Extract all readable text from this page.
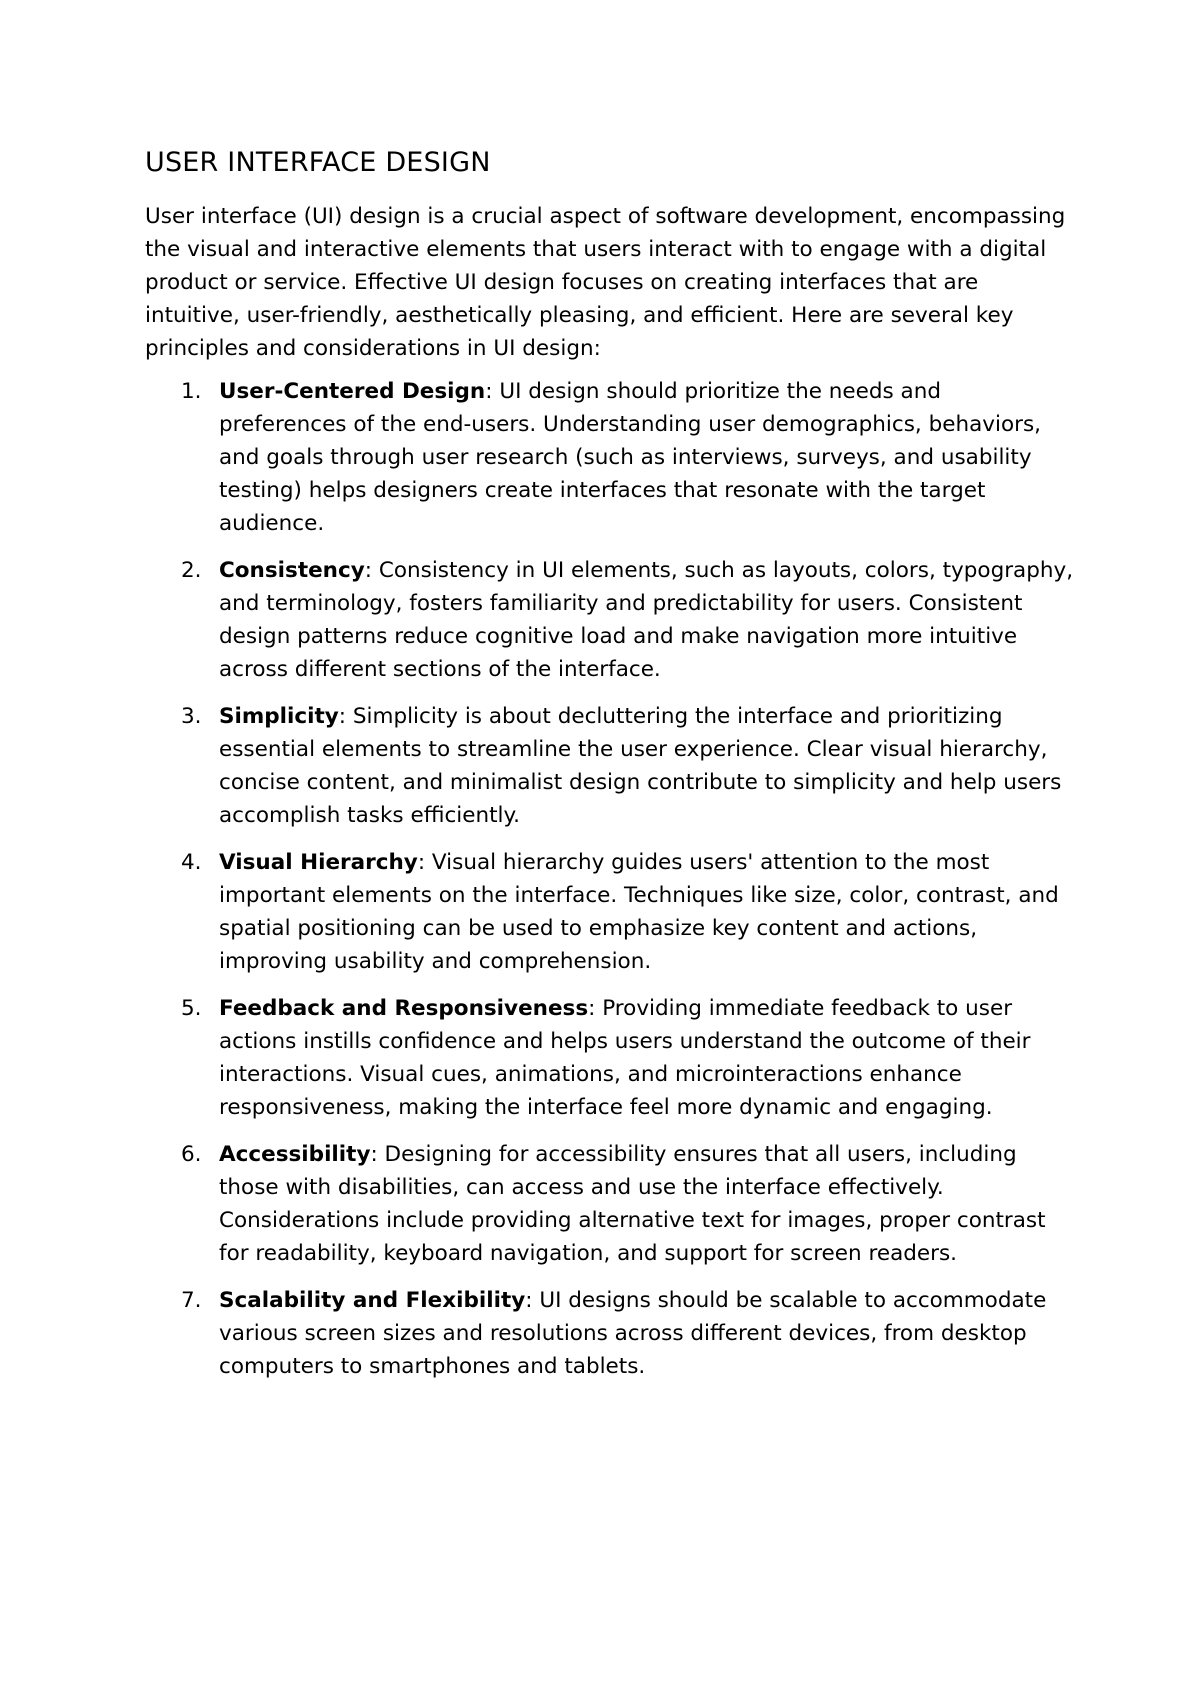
USER INTERFACE DESIGN

User interface (UI) design is a crucial aspect of software development, encompassing the visual and interactive elements that users interact with to engage with a digital product or service. Effective UI design focuses on creating interfaces that are intuitive, user-friendly, aesthetically pleasing, and efficient. Here are several key principles and considerations in UI design:

1. User-Centered Design: UI design should prioritize the needs and preferences of the end-users. Understanding user demographics, behaviors, and goals through user research (such as interviews, surveys, and usability testing) helps designers create interfaces that resonate with the target audience.
2. Consistency: Consistency in UI elements, such as layouts, colors, typography, and terminology, fosters familiarity and predictability for users. Consistent design patterns reduce cognitive load and make navigation more intuitive across different sections of the interface.
3. Simplicity: Simplicity is about decluttering the interface and prioritizing essential elements to streamline the user experience. Clear visual hierarchy, concise content, and minimalist design contribute to simplicity and help users accomplish tasks efficiently.
4. Visual Hierarchy: Visual hierarchy guides users' attention to the most important elements on the interface. Techniques like size, color, contrast, and spatial positioning can be used to emphasize key content and actions, improving usability and comprehension.
5. Feedback and Responsiveness: Providing immediate feedback to user actions instills confidence and helps users understand the outcome of their interactions. Visual cues, animations, and microinteractions enhance responsiveness, making the interface feel more dynamic and engaging.
6. Accessibility: Designing for accessibility ensures that all users, including those with disabilities, can access and use the interface effectively. Considerations include providing alternative text for images, proper contrast for readability, keyboard navigation, and support for screen readers.
7. Scalability and Flexibility: UI designs should be scalable to accommodate various screen sizes and resolutions across different devices, from desktop computers to smartphones and tablets.
